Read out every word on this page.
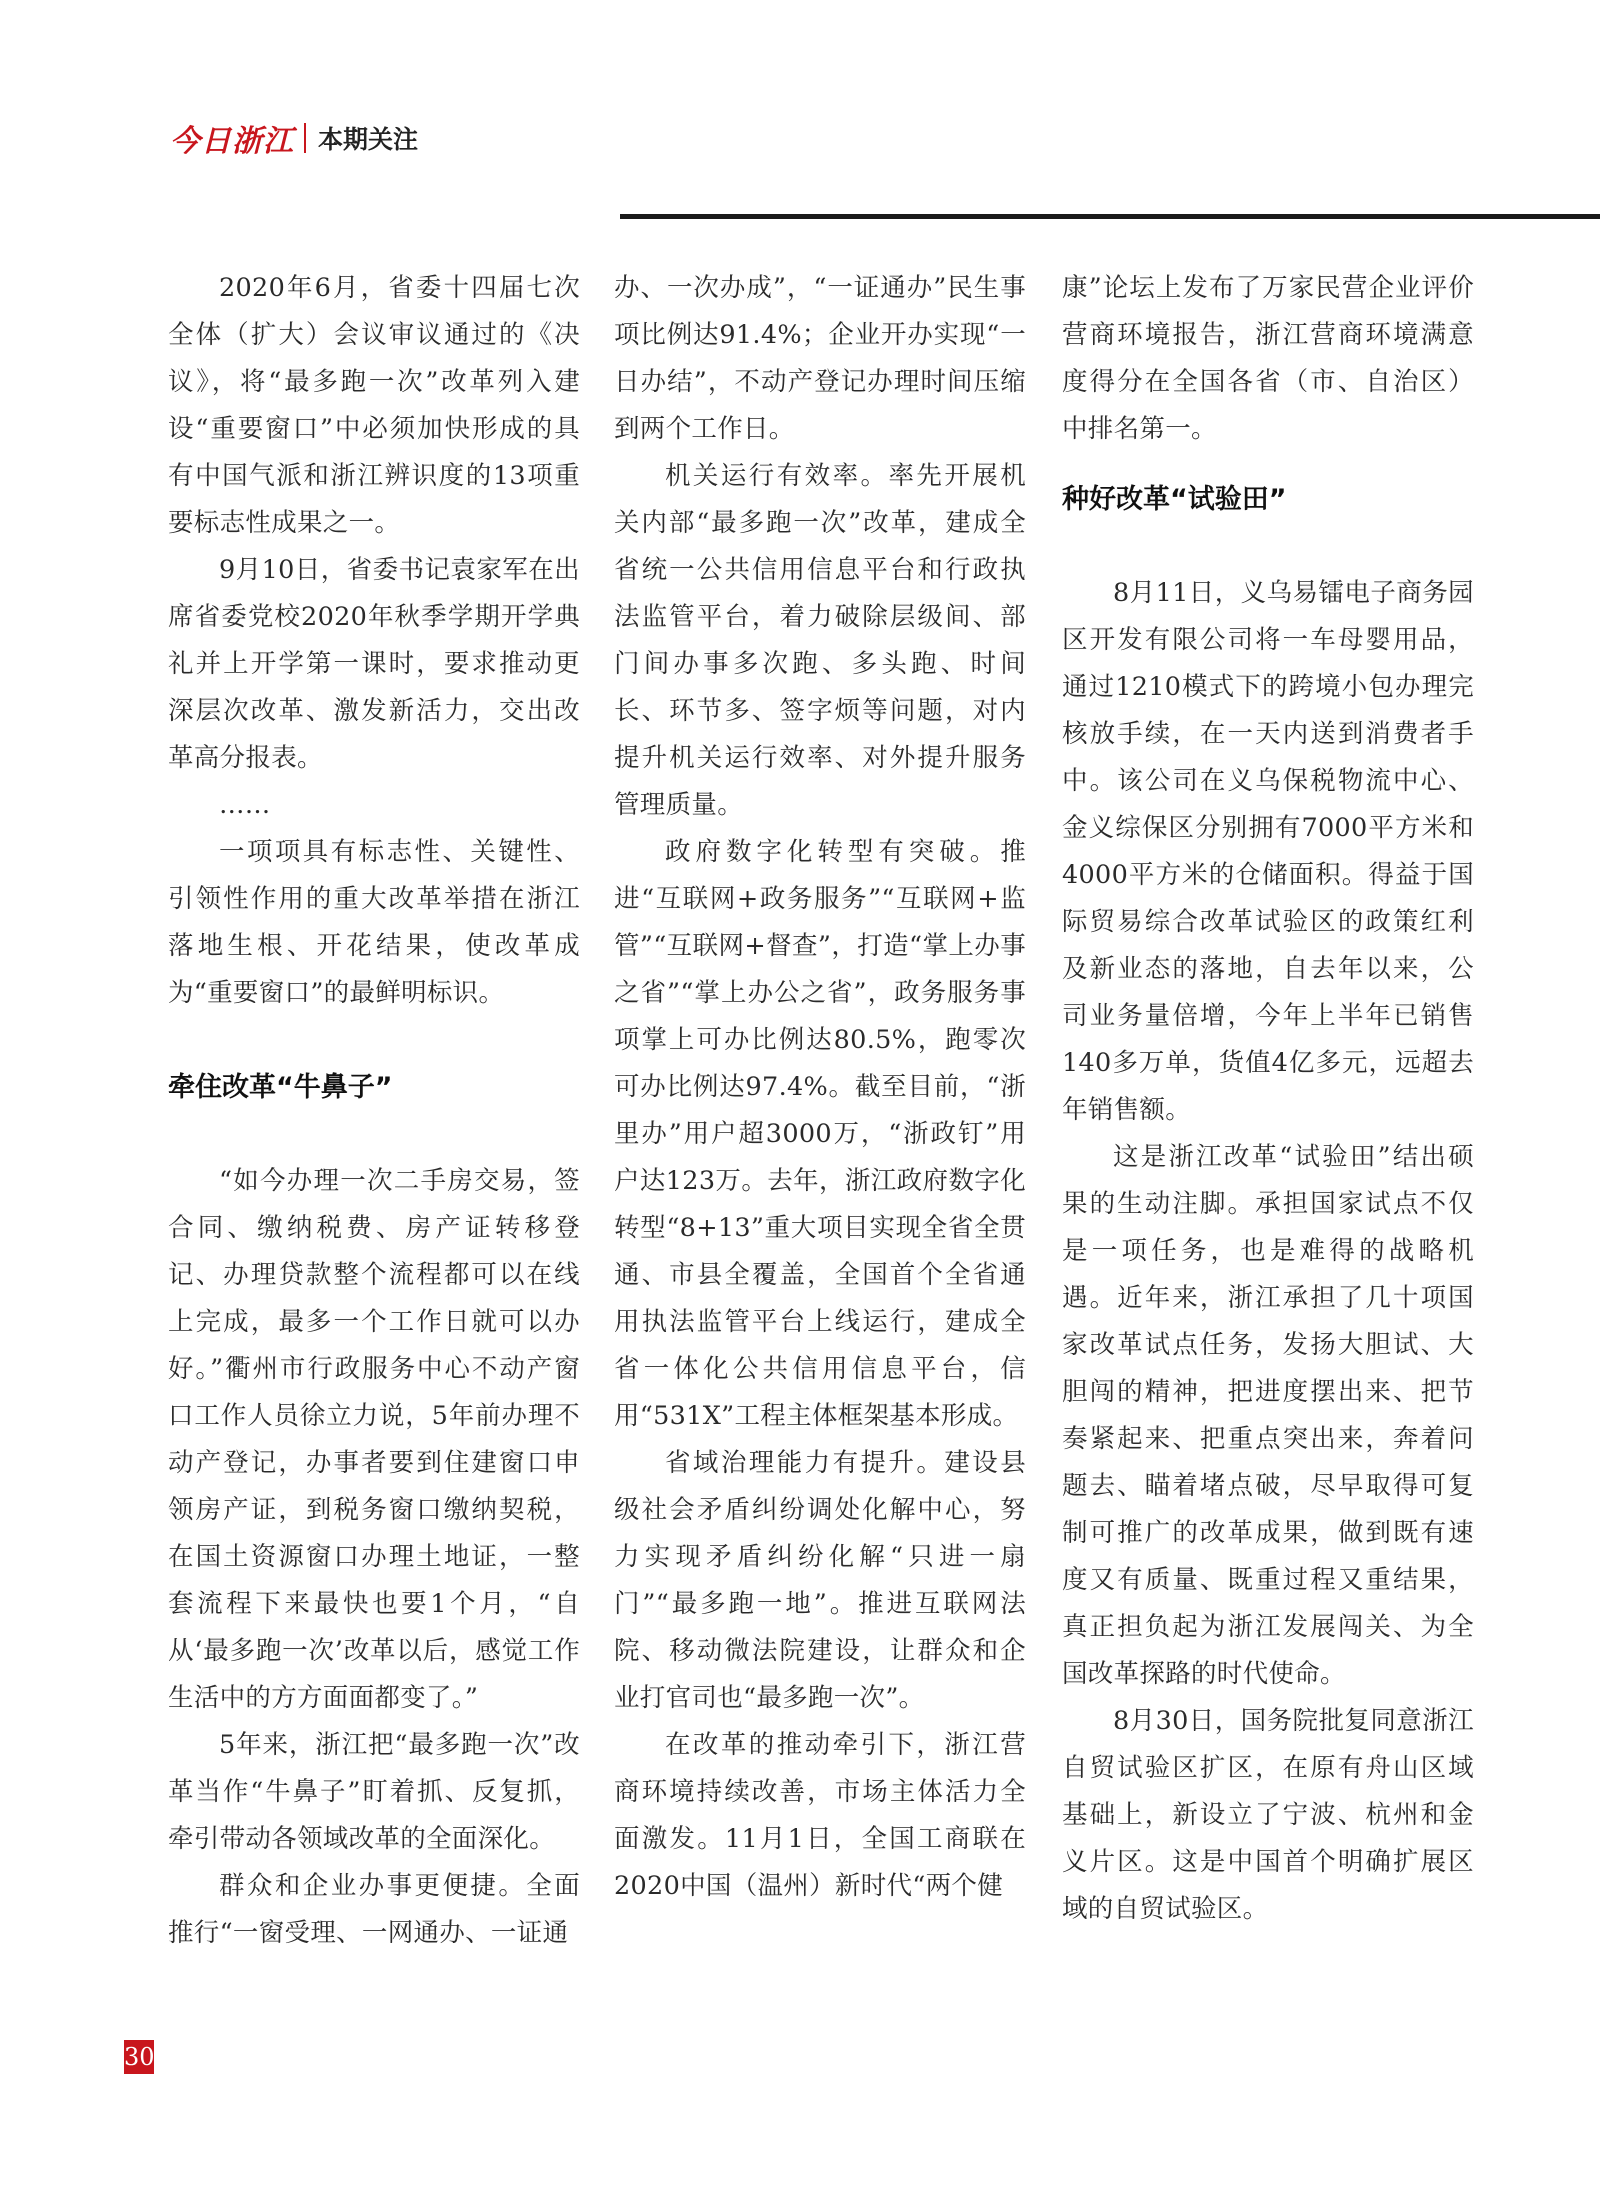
今日浙江 本期关注

2020年6月，省委十四届七次全体（扩大）会议审议通过的《决议》，将“最多跑一次”改革列入建设“重要窗口”中必须加快形成的具有中国气派和浙江辨识度的13项重要标志性成果之一。

9月10日，省委书记袁家军在出席省委党校2020年秋季学期开学典礼并上开学第一课时，要求推动更深层次改革、激发新活力，交出改革高分报表。

……

一项项具有标志性、关键性、引领性作用的重大改革举措在浙江落地生根、开花结果，使改革成为“重要窗口”的最鲜明标识。

牵住改革“牛鼻子”

“如今办理一次二手房交易，签合同、缴纳税费、房产证转移登记、办理贷款整个流程都可以在线上完成，最多一个工作日就可以办好。”衢州市行政服务中心不动产窗口工作人员徐立力说，5年前办理不动产登记，办事者要到住建窗口申领房产证，到税务窗口缴纳契税，在国土资源窗口办理土地证，一整套流程下来最快也要1个月，“自从‘最多跑一次’改革以后，感觉工作生活中的方方面面都变了。”

5年来，浙江把“最多跑一次”改革当作“牛鼻子”盯着抓、反复抓，牵引带动各领域改革的全面深化。

群众和企业办事更便捷。全面推行“一窗受理、一网通办、一证通

办、一次办成”，“一证通办”民生事项比例达91.4%；企业开办实现“一日办结”，不动产登记办理时间压缩到两个工作日。

机关运行有效率。率先开展机关内部“最多跑一次”改革，建成全省统一公共信用信息平台和行政执法监管平台，着力破除层级间、部门间办事多次跑、多头跑、时间长、环节多、签字烦等问题，对内提升机关运行效率、对外提升服务管理质量。

政府数字化转型有突破。推进“互联网+政务服务”“互联网+监管”“互联网+督查”，打造“掌上办事之省”“掌上办公之省”，政务服务事项掌上可办比例达80.5%，跑零次可办比例达97.4%。截至目前，“浙里办”用户超3000万，“浙政钉”用户达123万。去年，浙江政府数字化转型“8+13”重大项目实现全省全贯通、市县全覆盖，全国首个全省通用执法监管平台上线运行，建成全省一体化公共信用信息平台，信用“531X”工程主体框架基本形成。

省域治理能力有提升。建设县级社会矛盾纠纷调处化解中心，努力实现矛盾纠纷化解“只进一扇门”“最多跑一地”。推进互联网法院、移动微法院建设，让群众和企业打官司也“最多跑一次”。

在改革的推动牵引下，浙江营商环境持续改善，市场主体活力全面激发。11月1日，全国工商联在2020中国（温州）新时代“两个健

康”论坛上发布了万家民营企业评价营商环境报告，浙江营商环境满意度得分在全国各省（市、自治区）中排名第一。

种好改革“试验田”

8月11日，义乌易镭电子商务园区开发有限公司将一车母婴用品，通过1210模式下的跨境小包办理完核放手续，在一天内送到消费者手中。该公司在义乌保税物流中心、金义综保区分别拥有7000平方米和4000平方米的仓储面积。得益于国际贸易综合改革试验区的政策红利及新业态的落地，自去年以来，公司业务量倍增，今年上半年已销售140多万单，货值4亿多元，远超去年销售额。

这是浙江改革“试验田”结出硕果的生动注脚。承担国家试点不仅是一项任务，也是难得的战略机遇。近年来，浙江承担了几十项国家改革试点任务，发扬大胆试、大胆闯的精神，把进度摆出来、把节奏紧起来、把重点突出来，奔着问题去、瞄着堵点破，尽早取得可复制可推广的改革成果，做到既有速度又有质量、既重过程又重结果，真正担负起为浙江发展闯关、为全国改革探路的时代使命。

8月30日，国务院批复同意浙江自贸试验区扩区，在原有舟山区域基础上，新设立了宁波、杭州和金义片区。这是中国首个明确扩展区域的自贸试验区。

30
